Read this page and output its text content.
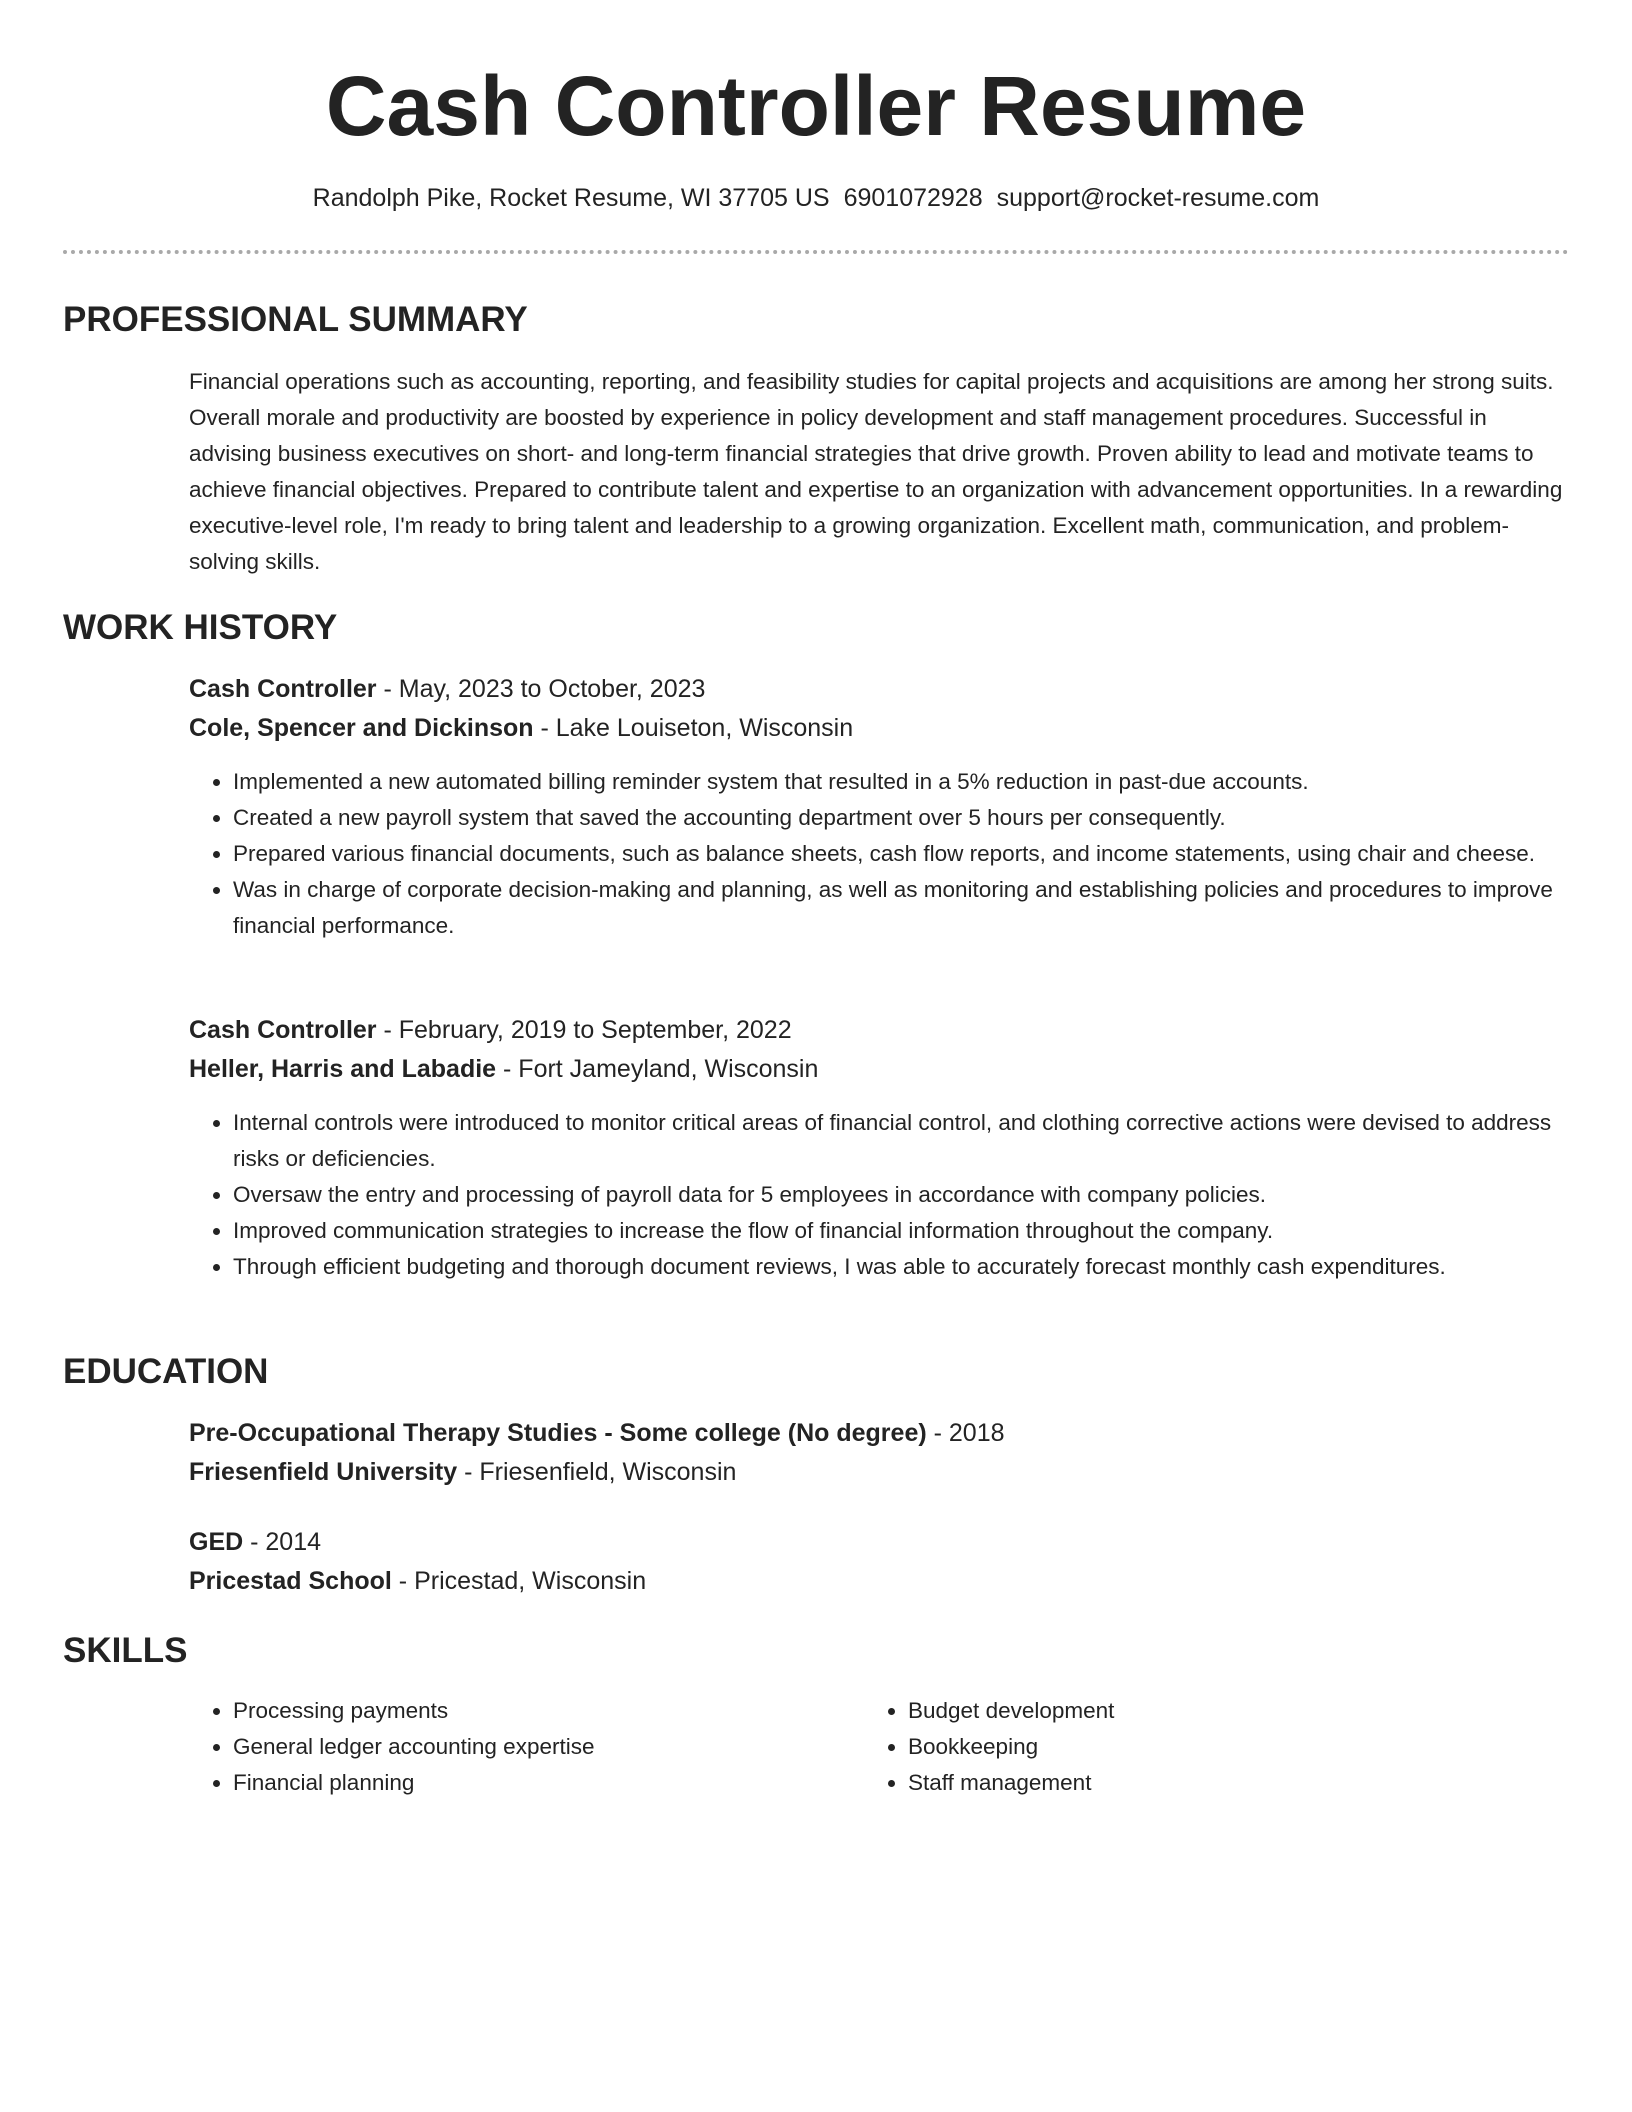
Cash Controller Resume
Randolph Pike, Rocket Resume, WI 37705 US 6901072928 support@rocket-resume.com
PROFESSIONAL SUMMARY

Financial operations such as accounting, reporting, and feasibility studies for capital projects and acquisitions are among her strong suits. Overall morale and productivity are boosted by experience in policy development and staff management procedures. Successful in advising business executives on short- and long-term financial strategies that drive growth. Proven ability to lead and motivate teams to achieve financial objectives. Prepared to contribute talent and expertise to an organization with advancement opportunities. In a rewarding executive-level role, I'm ready to bring talent and leadership to a growing organization. Excellent math, communication, and problem-solving skills.

WORK HISTORY
Cash Controller - May, 2023 to October, 2023
Cole, Spencer and Dickinson - Lake Louiseton, Wisconsin
• Implemented a new automated billing reminder system that resulted in a 5% reduction in past-due accounts.
• Created a new payroll system that saved the accounting department over 5 hours per consequently.
• Prepared various financial documents, such as balance sheets, cash flow reports, and income statements, using chair and cheese.
• Was in charge of corporate decision-making and planning, as well as monitoring and establishing policies and procedures to improve financial performance.
Cash Controller - February, 2019 to September, 2022
Heller, Harris and Labadie - Fort Jameyland, Wisconsin
• Internal controls were introduced to monitor critical areas of financial control, and clothing corrective actions were devised to address risks or deficiencies.
• Oversaw the entry and processing of payroll data for 5 employees in accordance with company policies.
• Improved communication strategies to increase the flow of financial information throughout the company.
• Through efficient budgeting and thorough document reviews, I was able to accurately forecast monthly cash expenditures.
EDUCATION
Pre-Occupational Therapy Studies - Some college (No degree) - 2018
Friesenfield University - Friesenfield, Wisconsin
GED - 2014
Pricestad School - Pricestad, Wisconsin
SKILLS
• Processing payments
• General ledger accounting expertise
• Financial planning
• Budget development
• Bookkeeping
• Staff management
